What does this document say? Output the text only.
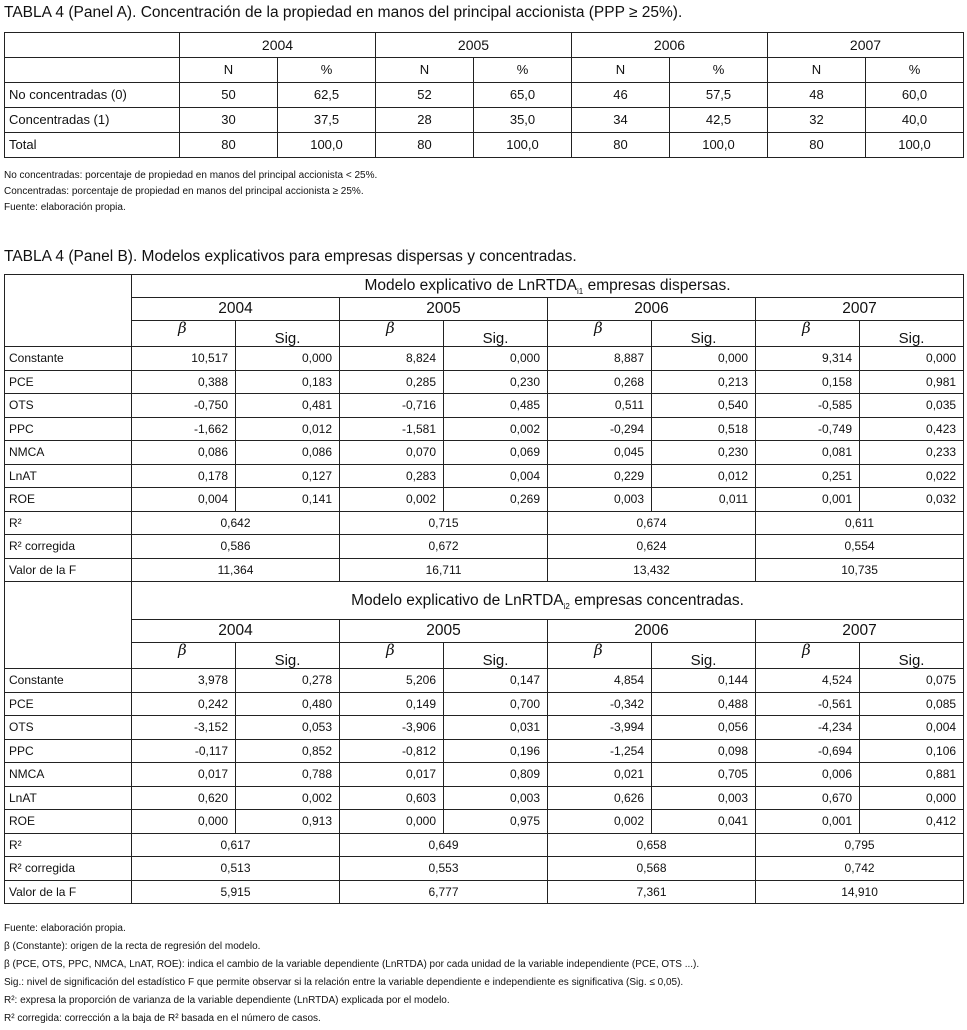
TABLA 4 (Panel A). Concentración de la propiedad en manos del principal accionista (PPP ≥ 25%).
	2004		2005		2006		2007	
	N	%	N	%	N	%	N	%
No concentradas (0)	50	62,5	52	65,0	46	57,5	48	60,0
Concentradas (1)	30	37,5	28	35,0	34	42,5	32	40,0
Total	80	100,0	80	100,0	80	100,0	80	100,0
No concentradas: porcentaje de propiedad en manos del principal accionista < 25%.
Concentradas: porcentaje de propiedad en manos del principal accionista ≥ 25%.
Fuente: elaboración propia.
TABLA 4 (Panel B). Modelos explicativos para empresas dispersas y concentradas.
	Modelo explicativo de LnRTDA$_{i1}$ empresas dispersas.							
	2004		2005		2006		2007	
	β	Sig.	β	Sig.	β	Sig.	β	Sig.
Constante	10,517	0,000	8,824	0,000	8,887	0,000	9,314	0,000
PCE	0,388	0,183	0,285	0,230	0,268	0,213	0,158	0,981
OTS	-0,750	0,481	-0,716	0,485	0,511	0,540	-0,585	0,035
PPC	-1,662	0,012	-1,581	0,002	-0,294	0,518	-0,749	0,423
NMCA	0,086	0,086	0,070	0,069	0,045	0,230	0,081	0,233
LnAT	0,178	0,127	0,283	0,004	0,229	0,012	0,251	0,022
ROE	0,004	0,141	0,002	0,269	0,003	0,011	0,001	0,032
R²	0,642		0,715		0,674		0,611	
R² corregida	0,586		0,672		0,624		0,554	
Valor de la F	11,364		16,711		13,432		10,735	
	Modelo explicativo de LnRTDA$_{i2}$ empresas concentradas.							
	2004		2005		2006		2007	
	β	Sig.	β	Sig.	β	Sig.	β	Sig.
Constante	3,978	0,278	5,206	0,147	4,854	0,144	4,524	0,075
PCE	0,242	0,480	0,149	0,700	-0,342	0,488	-0,561	0,085
OTS	-3,152	0,053	-3,906	0,031	-3,994	0,056	-4,234	0,004
PPC	-0,117	0,852	-0,812	0,196	-1,254	0,098	-0,694	0,106
NMCA	0,017	0,788	0,017	0,809	0,021	0,705	0,006	0,881
LnAT	0,620	0,002	0,603	0,003	0,626	0,003	0,670	0,000
ROE	0,000	0,913	0,000	0,975	0,002	0,041	0,001	0,412
R²	0,617		0,649		0,658		0,795	
R² corregida	0,513		0,553		0,568		0,742	
Valor de la F	5,915		6,777		7,361		14,910	
Fuente: elaboración propia.
β (Constante): origen de la recta de regresión del modelo.
β (PCE, OTS, PPC, NMCA, LnAT, ROE): indica el cambio de la variable dependiente (LnRTDA) por cada unidad de la variable independiente (PCE, OTS ...).
Sig.: nivel de significación del estadístico F que permite observar si la relación entre la variable dependiente e independiente es significativa (Sig. ≤ 0,05).
R²: expresa la proporción de varianza de la variable dependiente (LnRTDA) explicada por el modelo.
R² corregida: corrección a la baja de R² basada en el número de casos.
